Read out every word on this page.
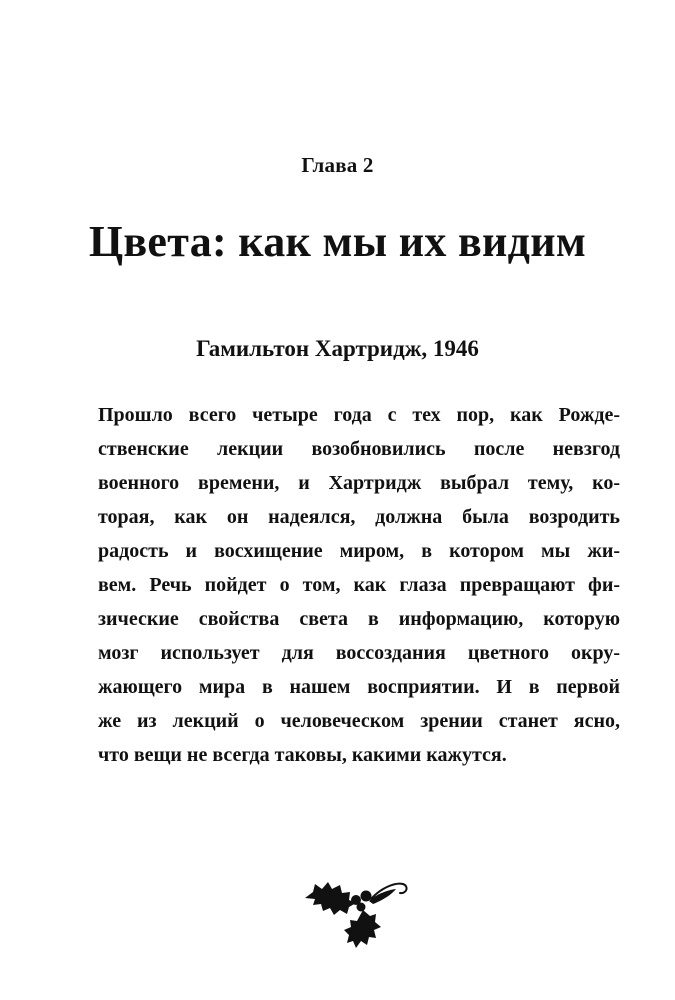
Глава 2
Цвета: как мы их видим
Гамильтон Хартридж, 1946

Прошло всего четыре года с тех пор, как Рожде-
ственские лекции возобновились после невзгод
военного времени, и Хартридж выбрал тему, ко-
торая, как он надеялся, должна была возродить
радость и восхищение миром, в котором мы жи-
вем. Речь пойдет о том, как глаза превращают фи-
зические свойства света в информацию, которую
мозг использует для воссоздания цветного окру-
жающего мира в нашем восприятии. И в первой
же из лекций о человеческом зрении станет ясно,
что вещи не всегда таковы, какими кажутся.
